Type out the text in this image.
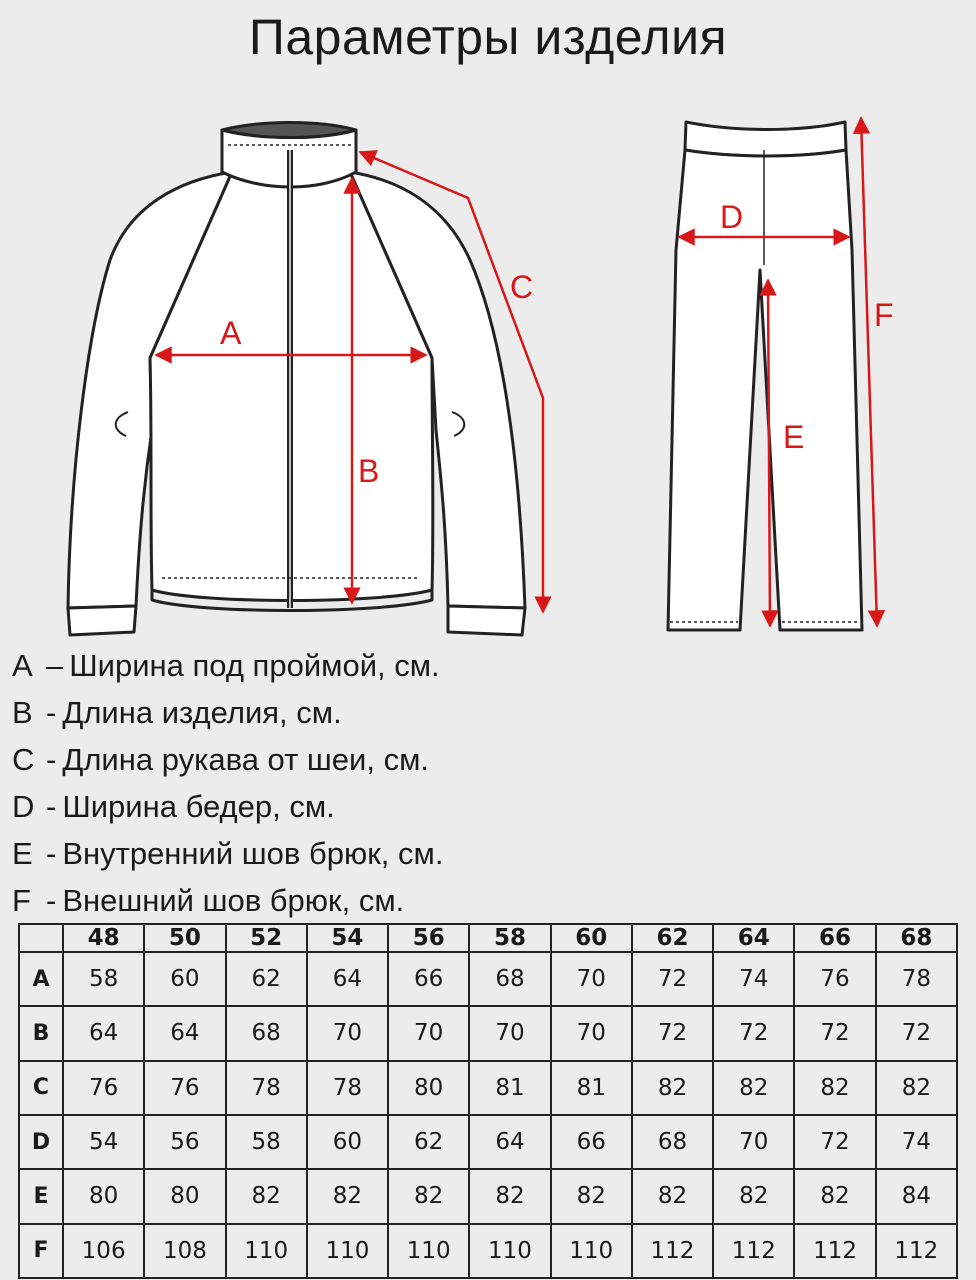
Параметры изделия
A
B
C
D
E
F
A – Ширина под проймой, см.
B - Длина изделия, см.
C - Длина рукава от шеи, см.
D - Ширина бедер, см.
E - Внутренний шов брюк, см.
F - Внешний шов брюк, см.
	48	50	52	54	56	58	60	62	64	66	68
A	58	60	62	64	66	68	70	72	74	76	78
B	64	64	68	70	70	70	70	72	72	72	72
C	76	76	78	78	80	81	81	82	82	82	82
D	54	56	58	60	62	64	66	68	70	72	74
E	80	80	82	82	82	82	82	82	82	82	84
F	106	108	110	110	110	110	110	112	112	112	112
